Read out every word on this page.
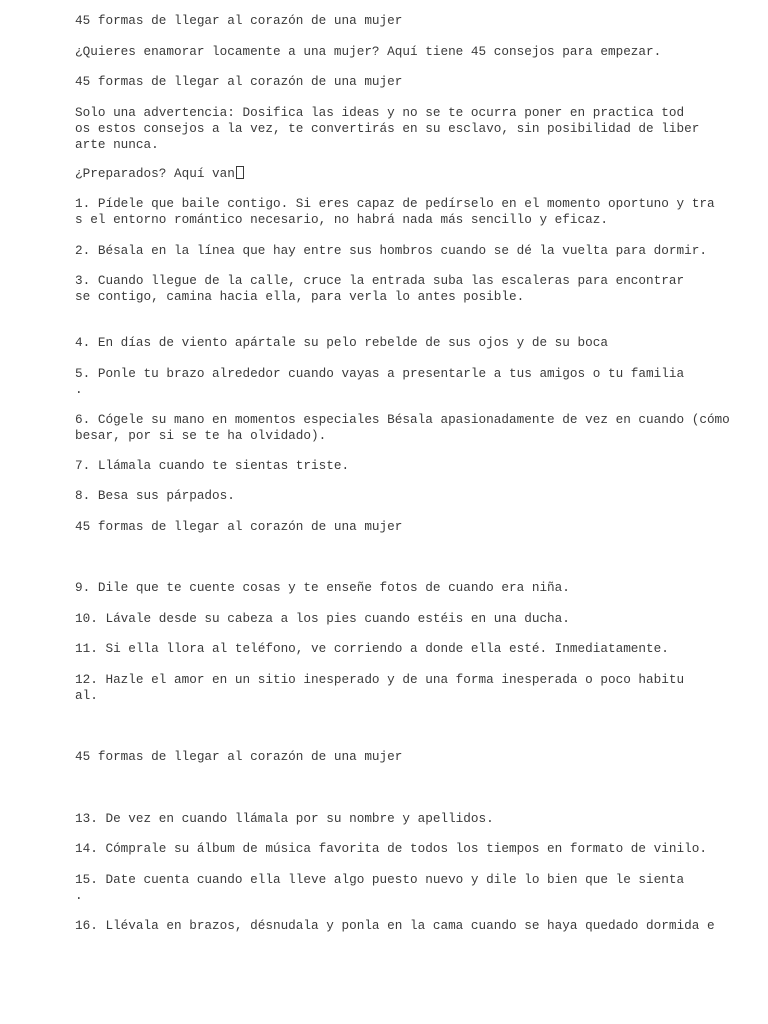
45 formas de llegar al corazón de una mujer

¿Quieres enamorar locamente a una mujer? Aquí tiene 45 consejos para empezar.

45 formas de llegar al corazón de una mujer

Solo una advertencia: Dosifica las ideas y no se te ocurra poner en practica tod
os estos consejos a la vez, te convertirás en su esclavo, sin posibilidad de liber
arte nunca.

¿Preparados? Aquí van

1. Pídele que baile contigo. Si eres capaz de pedírselo en el momento oportuno y tra
s el entorno romántico necesario, no habrá nada más sencillo y eficaz.

2. Bésala en la línea que hay entre sus hombros cuando se dé la vuelta para dormir.

3. Cuando llegue de la calle, cruce la entrada suba las escaleras para encontrar
se contigo, camina hacia ella, para verla lo antes posible.

4. En días de viento apártale su pelo rebelde de sus ojos y de su boca

5. Ponle tu brazo alrededor cuando vayas a presentarle a tus amigos o tu familia
.

6. Cógele su mano en momentos especiales Bésala apasionadamente de vez en cuando (cómo
besar, por si se te ha olvidado).

7. Llámala cuando te sientas triste.

8. Besa sus párpados.

45 formas de llegar al corazón de una mujer

9. Dile que te cuente cosas y te enseñe fotos de cuando era niña.

10. Lávale desde su cabeza a los pies cuando estéis en una ducha.

11. Si ella llora al teléfono, ve corriendo a donde ella esté. Inmediatamente.

12. Hazle el amor en un sitio inesperado y de una forma inesperada o poco habitu
al.

45 formas de llegar al corazón de una mujer

13. De vez en cuando llámala por su nombre y apellidos.

14. Cómprale su álbum de música favorita de todos los tiempos en formato de vinilo.

15. Date cuenta cuando ella lleve algo puesto nuevo y dile lo bien que le sienta
.

16. Llévala en brazos, désnudala y ponla en la cama cuando se haya quedado dormida e
